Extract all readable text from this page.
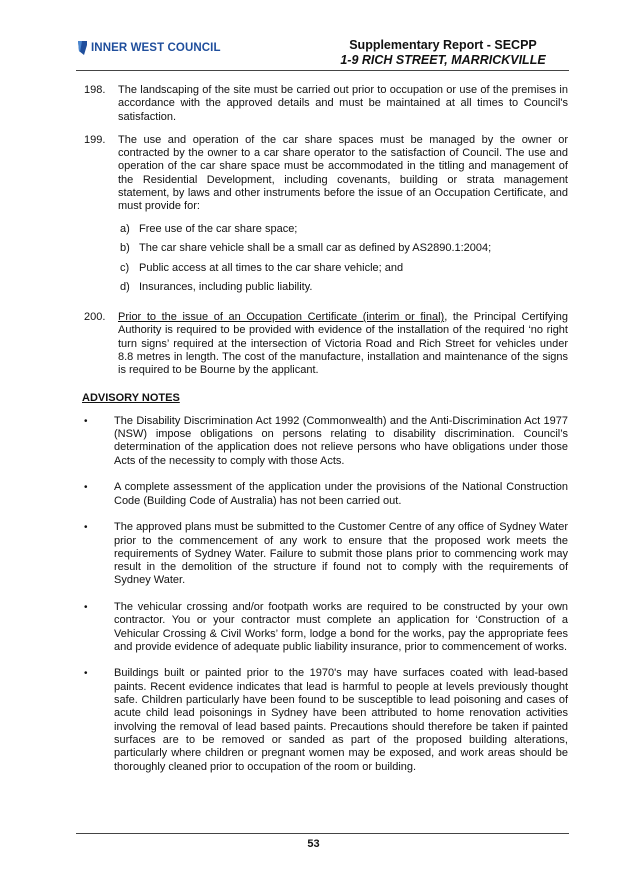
INNER WEST COUNCIL	Supplementary Report - SECPP
1-9 RICH STREET, MARRICKVILLE
198.	The landscaping of the site must be carried out prior to occupation or use of the premises in accordance with the approved details and must be maintained at all times to Council's satisfaction.

199.	The use and operation of the car share spaces must be managed by the owner or contracted by the owner to a car share operator to the satisfaction of Council. The use and operation of the car share space must be accommodated in the titling and management of the Residential Development, including covenants, building or strata management statement, by laws and other instruments before the issue of an Occupation Certificate, and must provide for:

a) Free use of the car share space;
b) The car share vehicle shall be a small car as defined by AS2890.1:2004;
c) Public access at all times to the car share vehicle; and
d) Insurances, including public liability.
200.	Prior to the issue of an Occupation Certificate (interim or final), the Principal Certifying Authority is required to be provided with evidence of the installation of the required ‘no right turn signs’ required at the intersection of Victoria Road and Rich Street for vehicles under 8.8 metres in length. The cost of the manufacture, installation and maintenance of the signs is required to be Bourne by the applicant.

ADVISORY NOTES
•	The Disability Discrimination Act 1992 (Commonwealth) and the Anti-Discrimination Act 1977 (NSW) impose obligations on persons relating to disability discrimination. Council’s determination of the application does not relieve persons who have obligations under those Acts of the necessity to comply with those Acts.
•	A complete assessment of the application under the provisions of the National Construction Code (Building Code of Australia) has not been carried out.
•	The approved plans must be submitted to the Customer Centre of any office of Sydney Water prior to the commencement of any work to ensure that the proposed work meets the requirements of Sydney Water. Failure to submit those plans prior to commencing work may result in the demolition of the structure if found not to comply with the requirements of Sydney Water.
•	The vehicular crossing and/or footpath works are required to be constructed by your own contractor. You or your contractor must complete an application for ‘Construction of a Vehicular Crossing & Civil Works’ form, lodge a bond for the works, pay the appropriate fees and provide evidence of adequate public liability insurance, prior to commencement of works.
•	Buildings built or painted prior to the 1970's may have surfaces coated with lead-based paints. Recent evidence indicates that lead is harmful to people at levels previously thought safe. Children particularly have been found to be susceptible to lead poisoning and cases of acute child lead poisonings in Sydney have been attributed to home renovation activities involving the removal of lead based paints. Precautions should therefore be taken if painted surfaces are to be removed or sanded as part of the proposed building alterations, particularly where children or pregnant women may be exposed, and work areas should be thoroughly cleaned prior to occupation of the room or building.
53
